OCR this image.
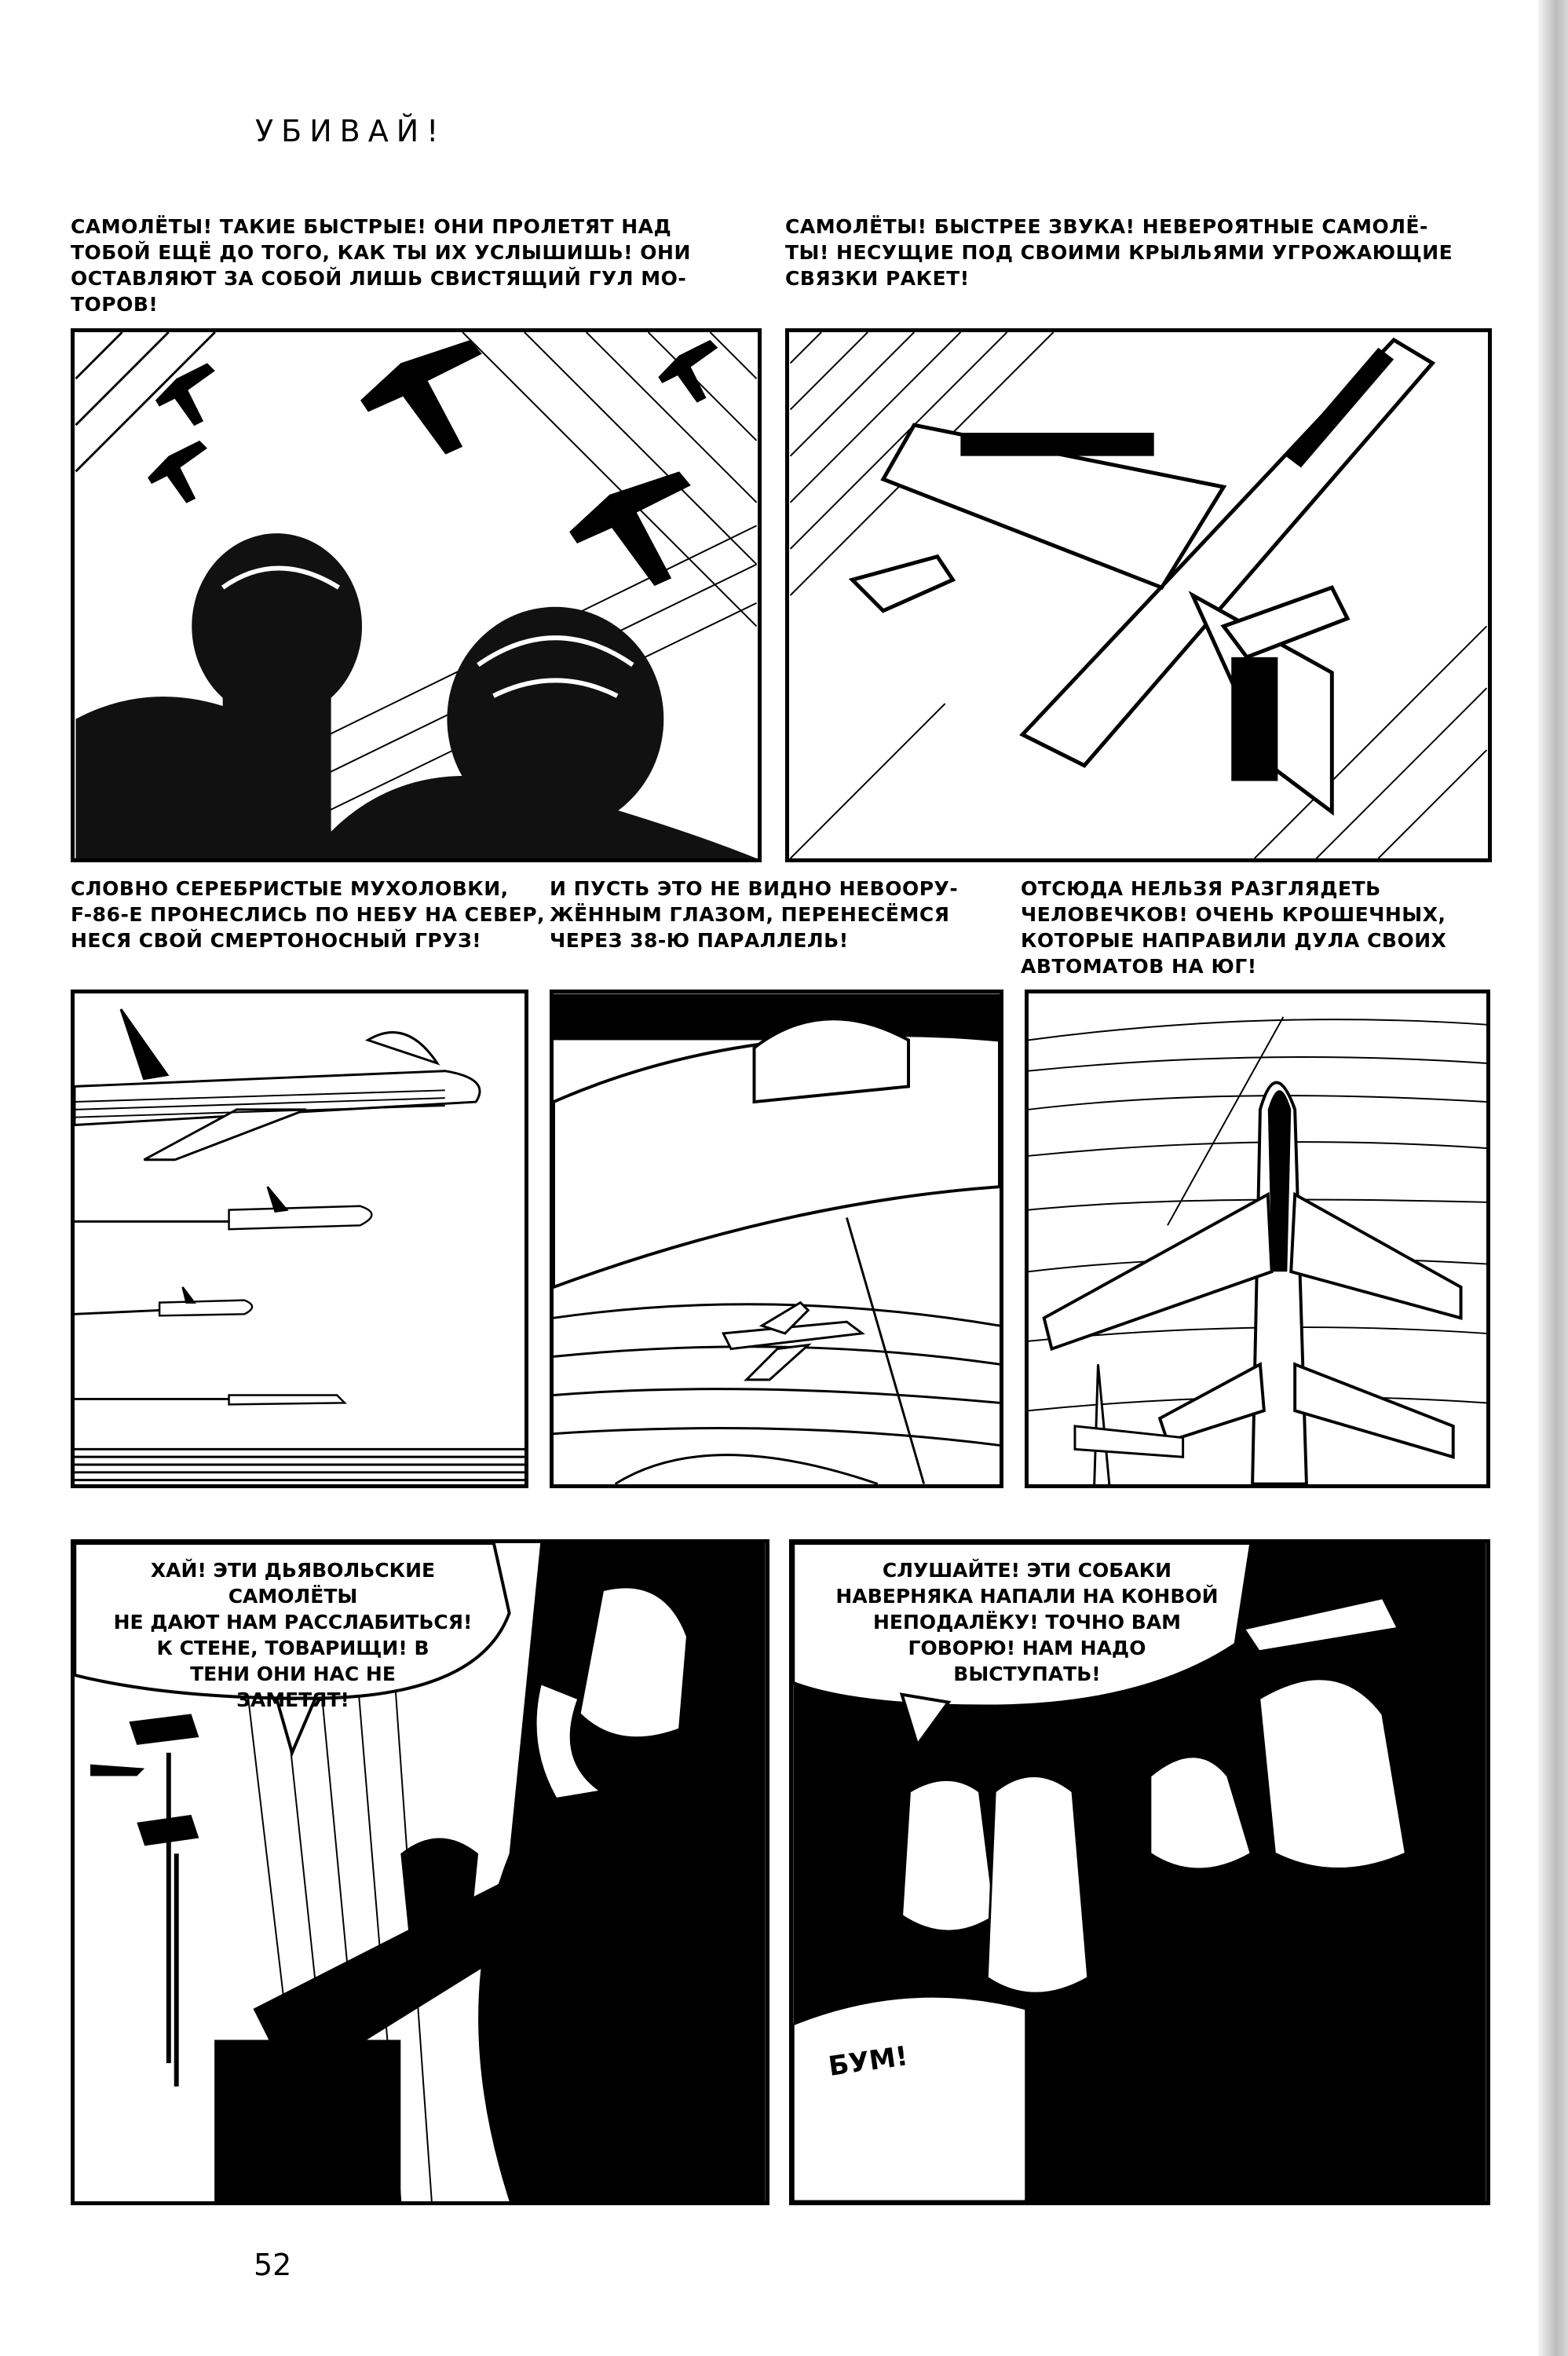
УБИВАЙ!

САМОЛЁТЫ! ТАКИЕ БЫСТРЫЕ! ОНИ ПРОЛЕТЯТ НАД
ТОБОЙ ЕЩЁ ДО ТОГО, КАК ТЫ ИХ УСЛЫШИШЬ! ОНИ
ОСТАВЛЯЮТ ЗА СОБОЙ ЛИШЬ СВИСТЯЩИЙ ГУЛ МО-
ТОРОВ!

САМОЛЁТЫ! БЫСТРЕЕ ЗВУКА! НЕВЕРОЯТНЫЕ САМОЛЁ-
ТЫ! НЕСУЩИЕ ПОД СВОИМИ КРЫЛЬЯМИ УГРОЖАЮЩИЕ
СВЯЗКИ РАКЕТ!

СЛОВНО СЕРЕБРИСТЫЕ МУХОЛОВКИ,
F-86-E ПРОНЕСЛИСЬ ПО НЕБУ НА СЕВЕР,
НЕСЯ СВОЙ СМЕРТОНОСНЫЙ ГРУЗ!

И ПУСТЬ ЭТО НЕ ВИДНО НЕВООРУ-
ЖЁННЫМ ГЛАЗОМ, ПЕРЕНЕСЁМСЯ
ЧЕРЕЗ 38-Ю ПАРАЛЛЕЛЬ!

ОТСЮДА НЕЛЬЗЯ РАЗГЛЯДЕТЬ
ЧЕЛОВЕЧКОВ! ОЧЕНЬ КРОШЕЧНЫХ,
КОТОРЫЕ НАПРАВИЛИ ДУЛА СВОИХ
АВТОМАТОВ НА ЮГ!

ХАЙ! ЭТИ ДЬЯВОЛЬСКИЕ САМОЛЁТЫ
НЕ ДАЮТ НАМ РАССЛАБИТЬСЯ!
К СТЕНЕ, ТОВАРИЩИ! В
ТЕНИ ОНИ НАС НЕ
ЗАМЕТЯТ!

СЛУШАЙТЕ! ЭТИ СОБАКИ
НАВЕРНЯКА НАПАЛИ НА КОНВОЙ
НЕПОДАЛЁКУ! ТОЧНО ВАМ
ГОВОРЮ! НАМ НАДО
ВЫСТУПАТЬ!

БУМ!
3
52
